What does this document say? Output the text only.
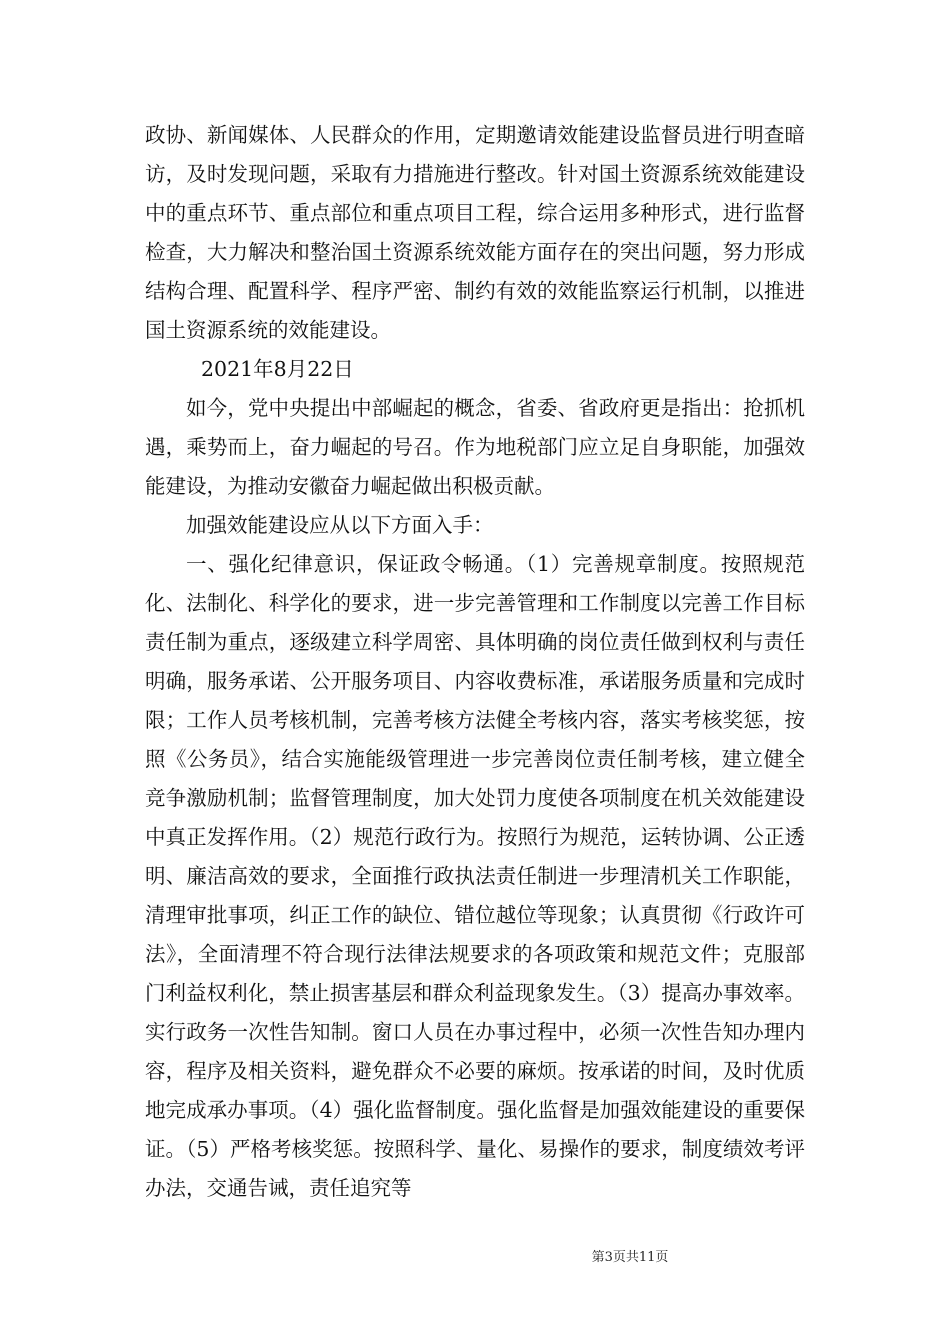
政协、新闻媒体、人民群众的作用，定期邀请效能建设监督员进行明查暗访，及时发现问题，采取有力措施进行整改。针对国土资源系统效能建设中的重点环节、重点部位和重点项目工程，综合运用多种形式，进行监督检查，大力解决和整治国土资源系统效能方面存在的突出问题，努力形成结构合理、配置科学、程序严密、制约有效的效能监察运行机制，以推进国土资源系统的效能建设。

2021年8月22日

如今，党中央提出中部崛起的概念，省委、省政府更是指出：抢抓机遇，乘势而上，奋力崛起的号召。作为地税部门应立足自身职能，加强效能建设，为推动安徽奋力崛起做出积极贡献。

加强效能建设应从以下方面入手：

一、强化纪律意识，保证政令畅通。（1）完善规章制度。按照规范化、法制化、科学化的要求，进一步完善管理和工作制度以完善工作目标责任制为重点，逐级建立科学周密、具体明确的岗位责任做到权利与责任明确，服务承诺、公开服务项目、内容收费标准，承诺服务质量和完成时限；工作人员考核机制，完善考核方法健全考核内容，落实考核奖惩，按照《公务员》，结合实施能级管理进一步完善岗位责任制考核，建立健全竞争激励机制；监督管理制度，加大处罚力度使各项制度在机关效能建设中真正发挥作用。（2）规范行政行为。按照行为规范，运转协调、公正透明、廉洁高效的要求，全面推行政执法责任制进一步理清机关工作职能，清理审批事项，纠正工作的缺位、错位越位等现象；认真贯彻《行政许可法》，全面清理不符合现行法律法规要求的各项政策和规范文件；克服部门利益权利化，禁止损害基层和群众利益现象发生。（3）提高办事效率。实行政务一次性告知制。窗口人员在办事过程中，必须一次性告知办理内容，程序及相关资料，避免群众不必要的麻烦。按承诺的时间，及时优质地完成承办事项。（4）强化监督制度。强化监督是加强效能建设的重要保证。（5）严格考核奖惩。按照科学、量化、易操作的要求，制度绩效考评办法，交通告诫，责任追究等

第3页共11页
